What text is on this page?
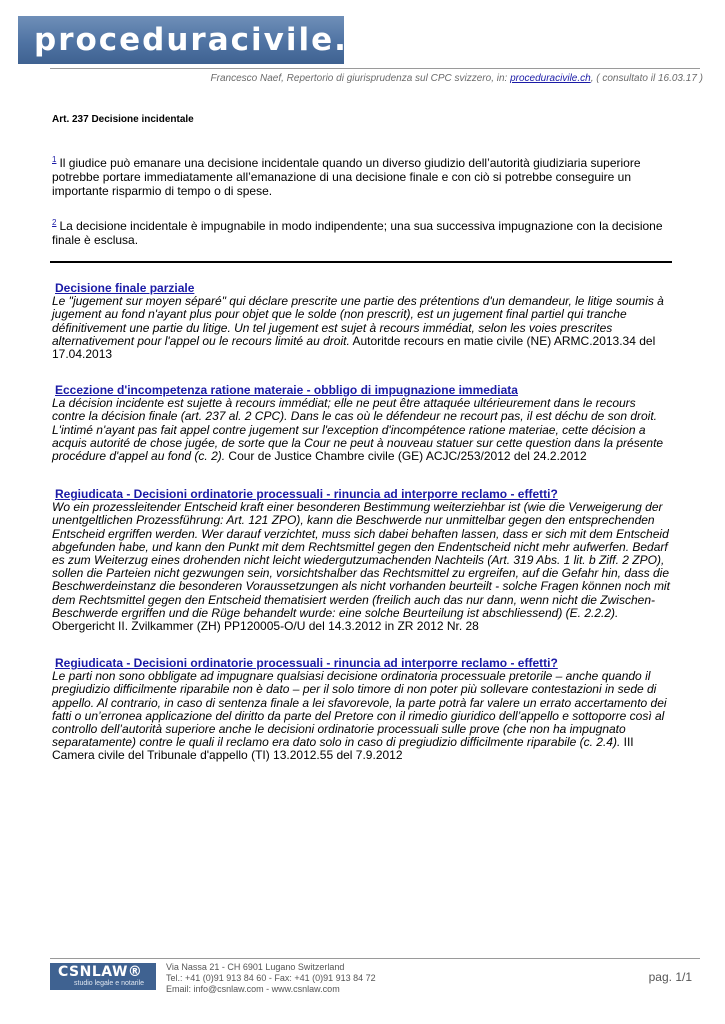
proceduracivile.ch
Francesco Naef, Repertorio di giurisprudenza sul CPC svizzero, in: proceduracivile.ch, ( consultato il 16.03.17 )
Art. 237 Decisione incidentale
$^1$ Il giudice può emanare una decisione incidentale quando un diverso giudizio dell’autorità giudiziaria superiore potrebbe portare immediatamente all’emanazione di una decisione finale e con ciò si potrebbe conseguire un importante risparmio di tempo o di spese.
$^2$ La decisione incidentale è impugnabile in modo indipendente; una sua successiva impugnazione con la decisione finale è esclusa.
Decisione finale parziale
Le "jugement sur moyen séparé" qui déclare prescrite une partie des prétentions d'un demandeur, le litige soumis à jugement au fond n'ayant plus pour objet que le solde (non prescrit), est un jugement final partiel qui tranche définitivement une partie du litige. Un tel jugement est sujet à recours immédiat, selon les voies prescrites alternativement pour l'appel ou le recours limité au droit. Autoritde recours en matie civile (NE) ARMC.2013.34 del 17.04.2013
Eccezione d'incompetenza ratione materaie - obbligo di impugnazione immediata
La décision incidente est sujette à recours immédiat; elle ne peut être attaquée ultérieurement dans le recours contre la décision finale (art. 237 al. 2 CPC). Dans le cas où le défendeur ne recourt pas, il est déchu de son droit. L'intimé n'ayant pas fait appel contre jugement sur l'exception d'incompétence ratione materiae, cette décision a acquis autorité de chose jugée, de sorte que la Cour ne peut à nouveau statuer sur cette question dans la présente procédure d'appel au fond (c. 2). Cour de Justice Chambre civile (GE) ACJC/253/2012 del 24.2.2012
Regiudicata - Decisioni ordinatorie processuali - rinuncia ad interporre reclamo - effetti?
Wo ein prozessleitender Entscheid kraft einer besonderen Bestimmung weiterziehbar ist (wie die Verweigerung der unentgeltlichen Prozessführung: Art. 121 ZPO), kann die Beschwerde nur unmittelbar gegen den entsprechenden Entscheid ergriffen werden. Wer darauf verzichtet, muss sich dabei behaften lassen, dass er sich mit dem Entscheid abgefunden habe, und kann den Punkt mit dem Rechtsmittel gegen den Endentscheid nicht mehr aufwerfen. Bedarf es zum Weiterzug eines drohenden nicht leicht wiedergutzumachenden Nachteils (Art. 319 Abs. 1 lit. b Ziff. 2 ZPO), sollen die Parteien nicht gezwungen sein, vorsichtshalber das Rechtsmittel zu ergreifen, auf die Gefahr hin, dass die Beschwerdeinstanz die besonderen Voraussetzungen als nicht vorhanden beurteilt - solche Fragen können noch mit dem Rechtsmittel gegen den Entscheid thematisiert werden (freilich auch das nur dann, wenn nicht die Zwischen-Beschwerde ergriffen und die Rüge behandelt wurde: eine solche Beurteilung ist abschliessend) (E. 2.2.2). Obergericht II. Zvilkammer (ZH) PP120005-O/U del 14.3.2012 in ZR 2012 Nr. 28
Regiudicata - Decisioni ordinatorie processuali - rinuncia ad interporre reclamo - effetti?
Le parti non sono obbligate ad impugnare qualsiasi decisione ordinatoria processuale pretorile – anche quando il pregiudizio difficilmente riparabile non è dato – per il solo timore di non poter più sollevare contestazioni in sede di appello. Al contrario, in caso di sentenza finale a lei sfavorevole, la parte potrà far valere un errato accertamento dei fatti o un’erronea applicazione del diritto da parte del Pretore con il rimedio giuridico dell’appello e sottoporre così al controllo dell’autorità superiore anche le decisioni ordinatorie processuali sulle prove (che non ha impugnato separatamente) contre le quali il reclamo era dato solo in caso di pregiudizio difficilmente riparabile (c. 2.4). III Camera civile del Tribunale d'appello (TI) 13.2012.55 del 7.9.2012
CSNLAW®
studio legale e notarile
Via Nassa 21 - CH 6901 Lugano Switzerland
Tel.: +41 (0)91 913 84 60 - Fax: +41 (0)91 913 84 72
Email: info@csnlaw.com - www.csnlaw.com
pag. 1/1
